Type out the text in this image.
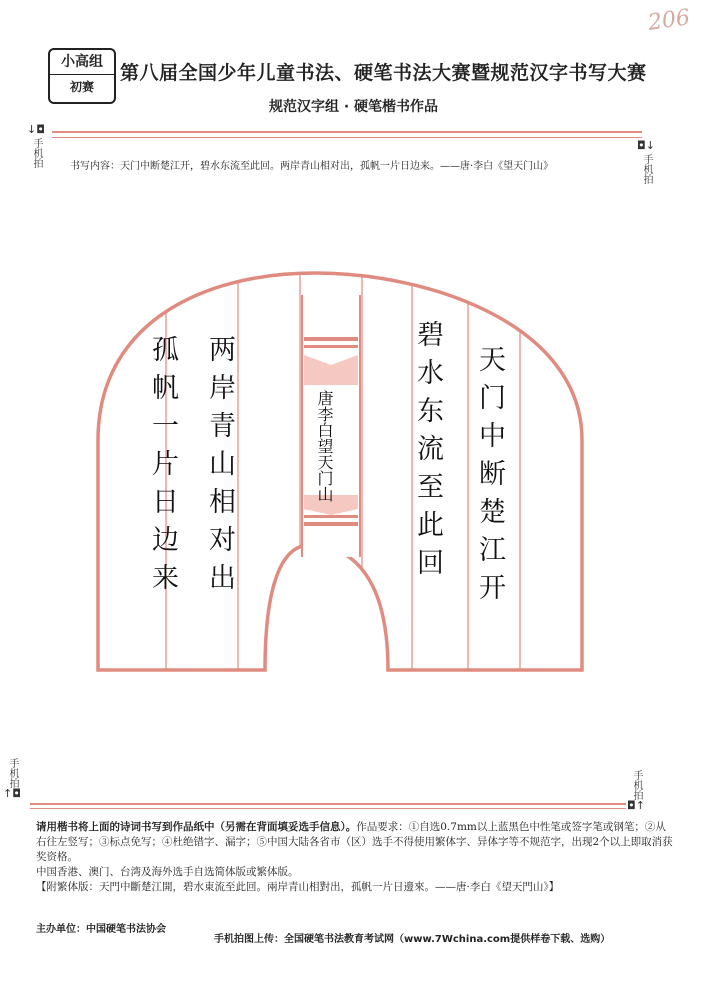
206
小高组
初赛
第八届全国少年儿童书法、硬笔书法大赛暨规范汉字书写大赛
规范汉字组 · 硬笔楷书作品
↓◘
手机拍	◘↓
手机拍
书写内容：天门中断楚江开，碧水东流至此回。两岸青山相对出，孤帆一片日边来。——唐·李白《望天门山》
天门中断楚江开
碧水东流至此回
两岸青山相对出
孤帆一片日边来	唐李白望天门山
手机拍
↑◘	手机拍
◘↑
请用楷书将上面的诗词书写到作品纸中（另需在背面填妥选手信息）。作品要求：①自选0.7mm以上蓝黑色中性笔或签字笔或钢笔；②从右往左竖写；③标点免写；④杜绝错字、漏字；⑤中国大陆各省市（区）选手不得使用繁体字、异体字等不规范字，出现2个以上即取消获奖资格。
中国香港、澳门、台湾及海外选手自选简体版或繁体版。
【附繁体版：天門中斷楚江開，碧水東流至此回。兩岸青山相對出，孤帆一片日邊來。——唐·李白《望天門山》】
主办单位：中国硬笔书法协会
手机拍图上传：全国硬笔书法教育考试网（www.7Wchina.com提供样卷下载、选购）
